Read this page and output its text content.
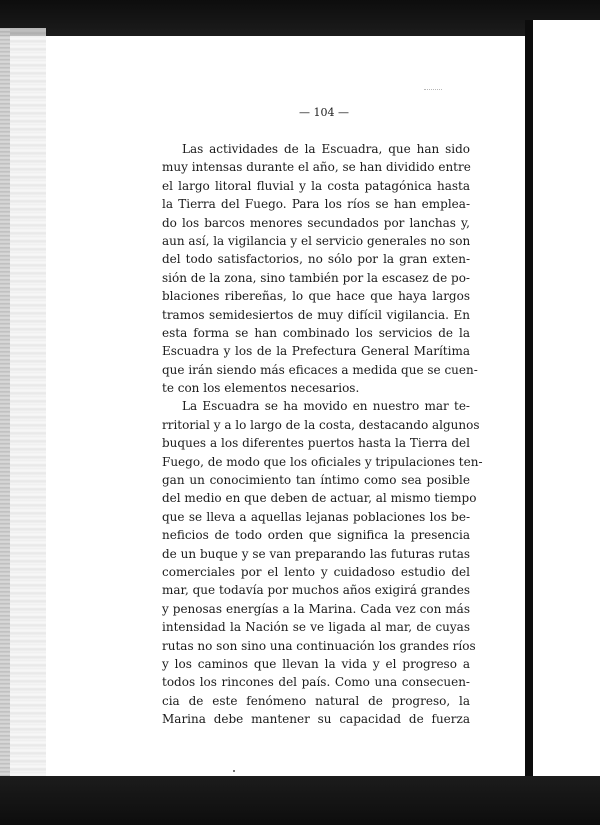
— 104 —
Las actividades de la Escuadra, que han sido
muy intensas durante el año, se han dividido entre
el largo litoral fluvial y la costa patagónica hasta
la Tierra del Fuego. Para los ríos se han emplea-
do los barcos menores secundados por lanchas y,
aun así, la vigilancia y el servicio generales no son
del todo satisfactorios, no sólo por la gran exten-
sión de la zona, sino también por la escasez de po-
blaciones ribereñas, lo que hace que haya largos
tramos semidesiertos de muy difícil vigilancia. En
esta forma se han combinado los servicios de la
Escuadra y los de la Prefectura General Marítima
que irán siendo más eficaces a medida que se cuen-
te con los elementos necesarios.
La Escuadra se ha movido en nuestro mar te-
rritorial y a lo largo de la costa, destacando algunos
buques a los diferentes puertos hasta la Tierra del
Fuego, de modo que los oficiales y tripulaciones ten-
gan un conocimiento tan íntimo como sea posible
del medio en que deben de actuar, al mismo tiempo
que se lleva a aquellas lejanas poblaciones los be-
neficios de todo orden que significa la presencia
de un buque y se van preparando las futuras rutas
comerciales por el lento y cuidadoso estudio del
mar, que todavía por muchos años exigirá grandes
y penosas energías a la Marina. Cada vez con más
intensidad la Nación se ve ligada al mar, de cuyas
rutas no son sino una continuación los grandes ríos
y los caminos que llevan la vida y el progreso a
todos los rincones del país. Como una consecuen-
cia de este fenómeno natural de progreso, la
Marina debe mantener su capacidad de fuerza
